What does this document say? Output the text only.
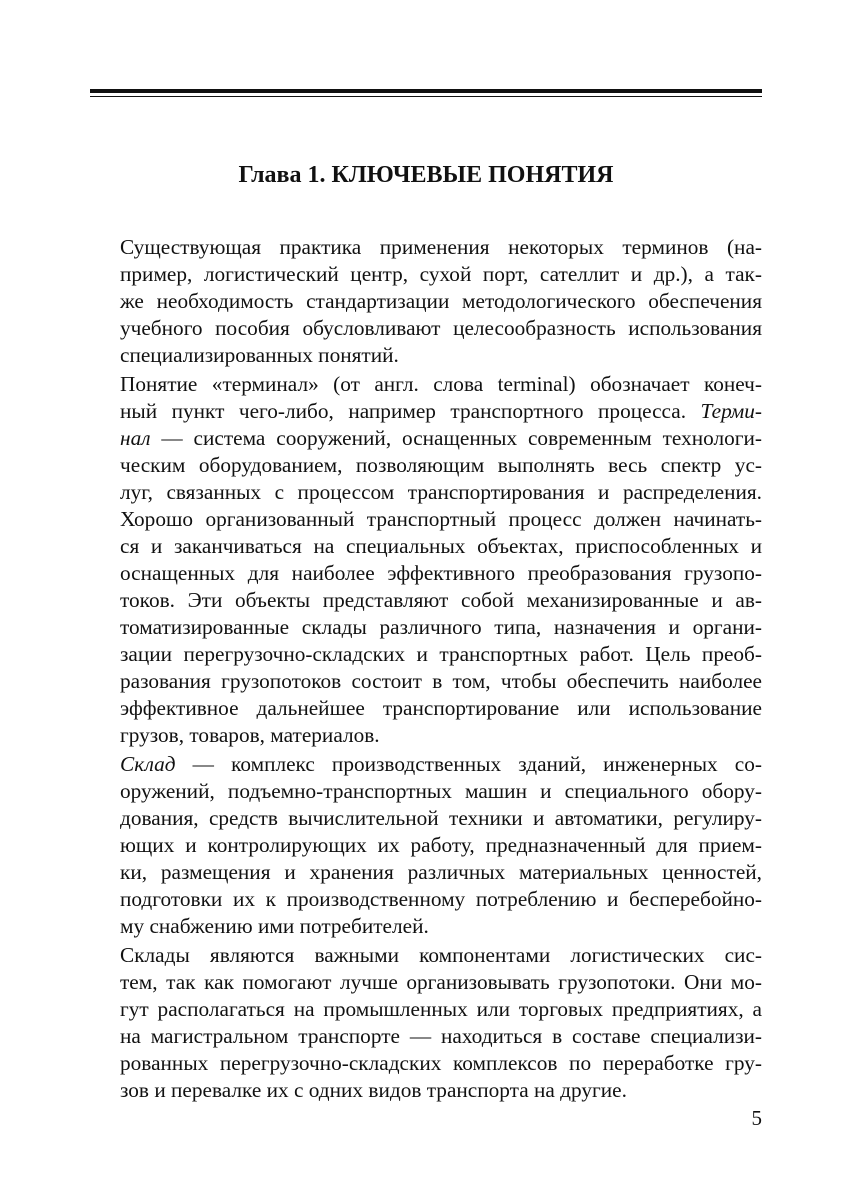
Глава 1. КЛЮЧЕВЫЕ ПОНЯТИЯ

Существующая практика применения некоторых терминов (на-
пример, логистический центр, сухой порт, сателлит и др.), а так-
же необходимость стандартизации методологического обеспечения
учебного пособия обусловливают целесообразность использования
специализированных понятий.

Понятие «терминал» (от англ. слова terminal) обозначает конеч-
ный пункт чего-либо, например транспортного процесса. Терми-
нал — система сооружений, оснащенных современным технологи-
ческим оборудованием, позволяющим выполнять весь спектр ус-
луг, связанных с процессом транспортирования и распределения.
Хорошо организованный транспортный процесс должен начинать-
ся и заканчиваться на специальных объектах, приспособленных и
оснащенных для наиболее эффективного преобразования грузопо-
токов. Эти объекты представляют собой механизированные и ав-
томатизированные склады различного типа, назначения и органи-
зации перегрузочно-складских и транспортных работ. Цель преоб-
разования грузопотоков состоит в том, чтобы обеспечить наиболее
эффективное дальнейшее транспортирование или использование
грузов, товаров, материалов.

Склад — комплекс производственных зданий, инженерных со-
оружений, подъемно-транспортных машин и специального обору-
дования, средств вычислительной техники и автоматики, регулиру-
ющих и контролирующих их работу, предназначенный для прием-
ки, размещения и хранения различных материальных ценностей,
подготовки их к производственному потреблению и бесперебойно-
му снабжению ими потребителей.

Склады являются важными компонентами логистических сис-
тем, так как помогают лучше организовывать грузопотоки. Они мо-
гут располагаться на промышленных или торговых предприятиях, а
на магистральном транспорте — находиться в составе специализи-
рованных перегрузочно-складских комплексов по переработке гру-
зов и перевалке их с одних видов транспорта на другие.

5
